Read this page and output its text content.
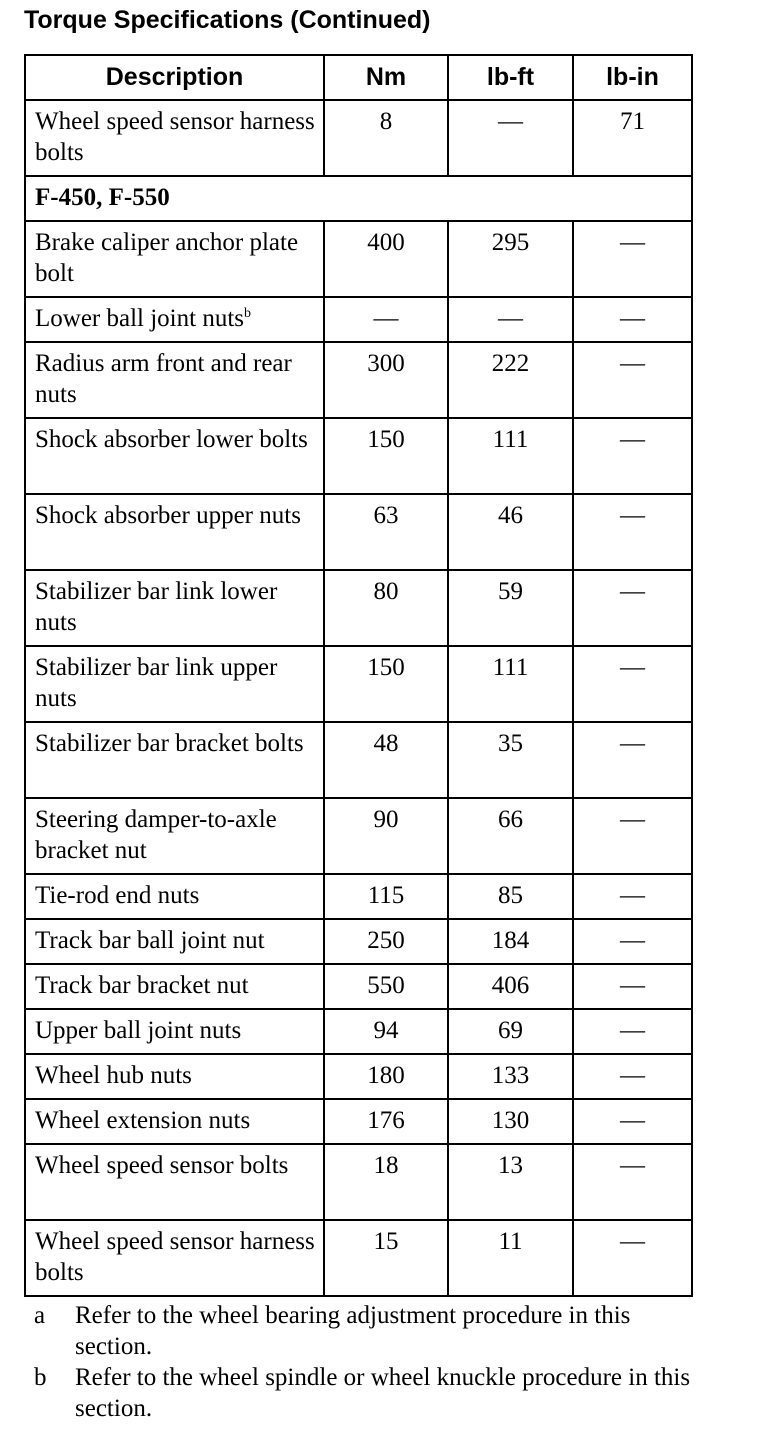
Torque Specifications (Continued)
Description	Nm	lb-ft	lb-in
Wheel speed sensor harness bolts	8	—	71
F-450, F-550			
Brake caliper anchor plate bolt	400	295	—
Lower ball joint nuts$^b$	—	—	—
Radius arm front and rear nuts	300	222	—
Shock absorber lower bolts	150	111	—
Shock absorber upper nuts	63	46	—
Stabilizer bar link lower nuts	80	59	—
Stabilizer bar link upper nuts	150	111	—
Stabilizer bar bracket bolts	48	35	—
Steering damper-to-axle bracket nut	90	66	—
Tie-rod end nuts	115	85	—
Track bar ball joint nut	250	184	—
Track bar bracket nut	550	406	—
Upper ball joint nuts	94	69	—
Wheel hub nuts	180	133	—
Wheel extension nuts	176	130	—
Wheel speed sensor bolts	18	13	—
Wheel speed sensor harness bolts	15	11	—
a	Refer to the wheel bearing adjustment procedure in this section.
b	Refer to the wheel spindle or wheel knuckle procedure in this section.
